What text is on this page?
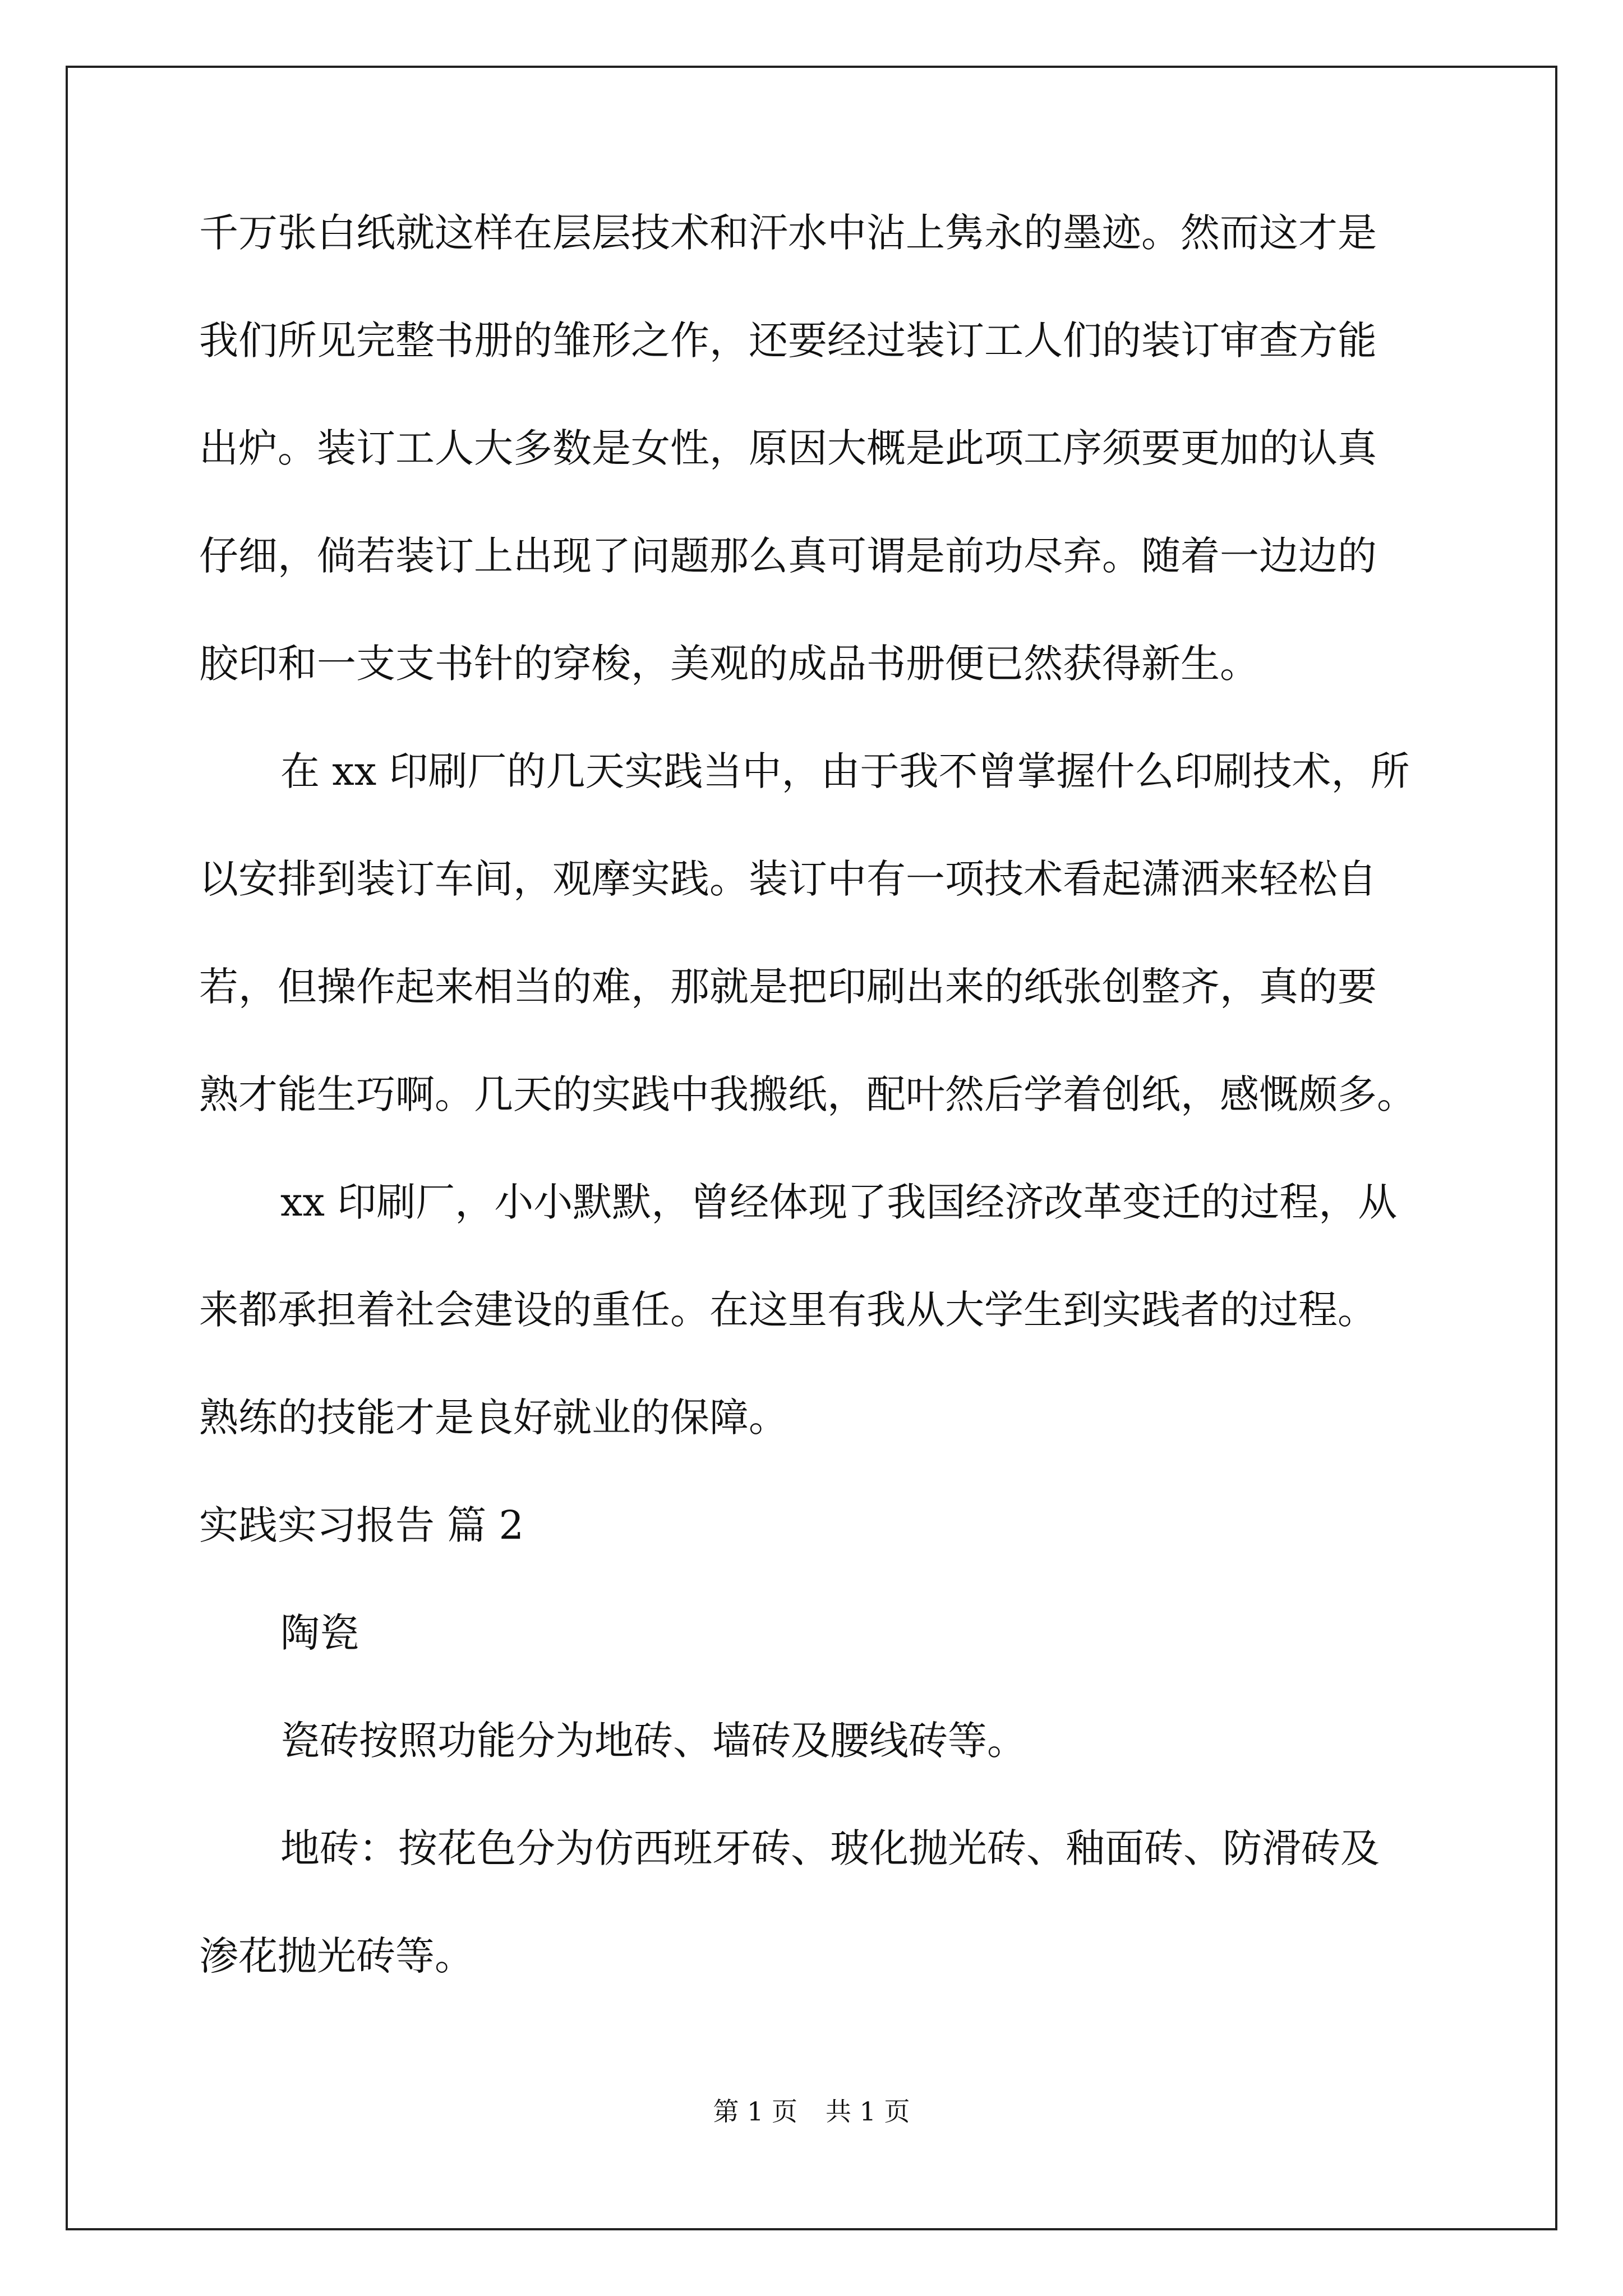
千万张白纸就这样在层层技术和汗水中沾上隽永的墨迹。然而这才是
我们所见完整书册的雏形之作，还要经过装订工人们的装订审查方能
出炉。装订工人大多数是女性，原因大概是此项工序须要更加的认真
仔细，倘若装订上出现了问题那么真可谓是前功尽弃。随着一边边的
胶印和一支支书针的穿梭，美观的成品书册便已然获得新生。
在 xx 印刷厂的几天实践当中，由于我不曾掌握什么印刷技术，所
以安排到装订车间，观摩实践。装订中有一项技术看起潇洒来轻松自
若，但操作起来相当的难，那就是把印刷出来的纸张创整齐，真的要
熟才能生巧啊。几天的实践中我搬纸，配叶然后学着创纸，感慨颇多。
xx 印刷厂，小小默默，曾经体现了我国经济改革变迁的过程，从
来都承担着社会建设的重任。在这里有我从大学生到实践者的过程。
熟练的技能才是良好就业的保障。
实践实习报告 篇 2
陶瓷
瓷砖按照功能分为地砖、墙砖及腰线砖等。
地砖：按花色分为仿西班牙砖、玻化抛光砖、釉面砖、防滑砖及
渗花抛光砖等。
第 1 页 共 1 页
